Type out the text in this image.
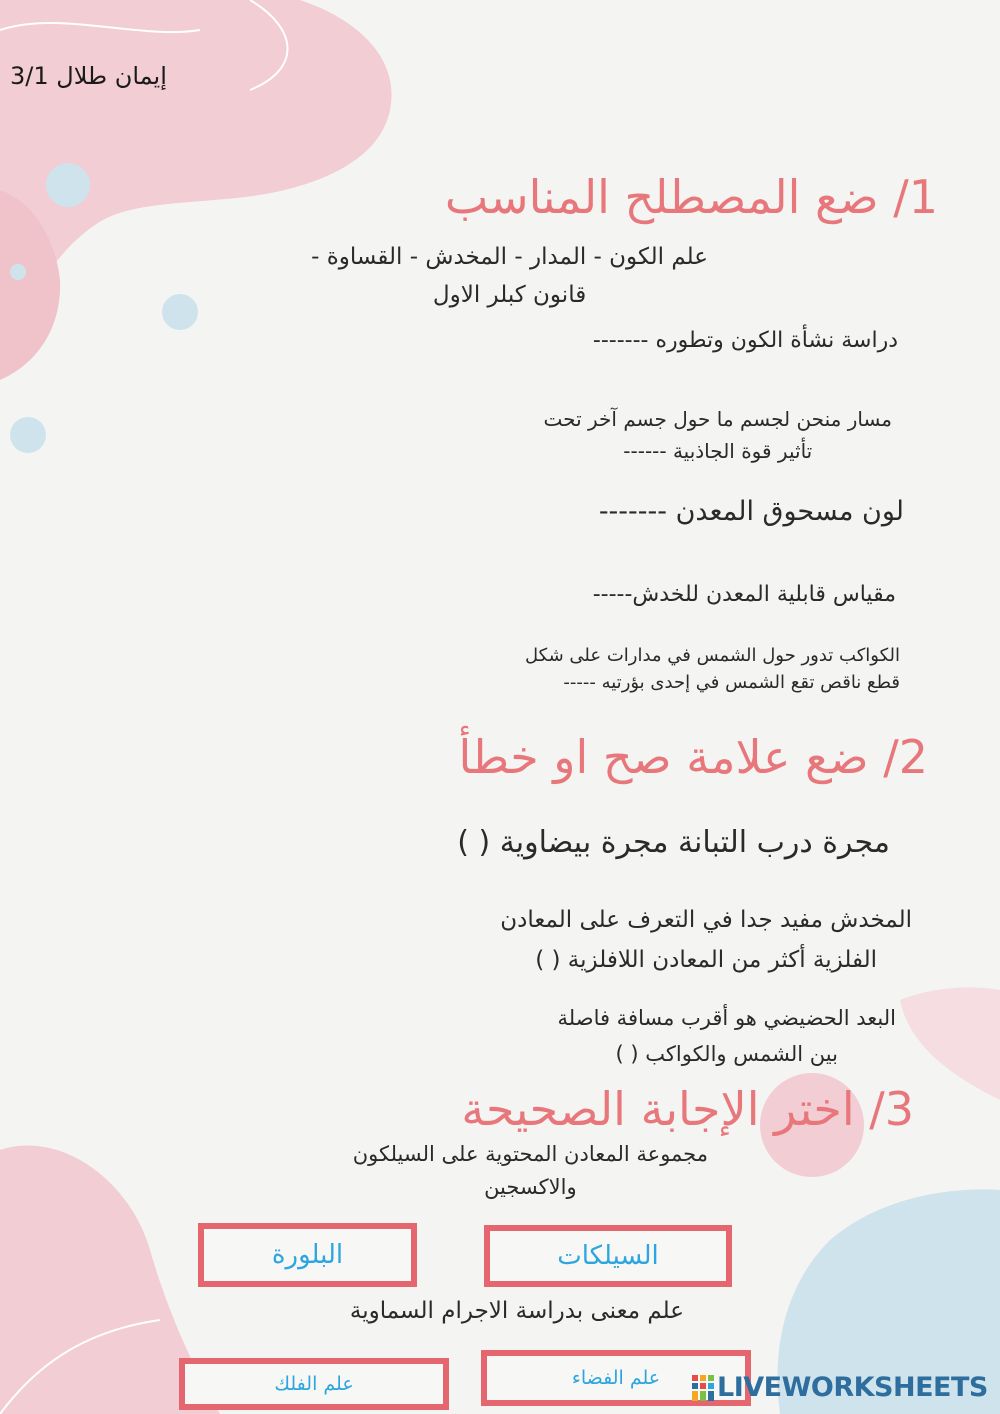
إيمان طلال 3/1
1/ ضع المصطلح المناسب
علم الكون - المدار - المخدش - القساوة -
قانون كبلر الاول
دراسة نشأة الكون وتطوره -------
مسار منحن لجسم ما حول جسم آخر تحت
تأثير قوة الجاذبية ------
لون مسحوق المعدن -------
مقياس قابلية المعدن للخدش-----
الكواكب تدور حول الشمس في مدارات على شكل
قطع ناقص تقع الشمس في إحدى بؤرتيه -----
2/ ضع علامة صح او خطأ
مجرة درب التبانة مجرة بيضاوية ( )
المخدش مفيد جدا في التعرف على المعادن
الفلزية أكثر من المعادن اللافلزية ( )
البعد الحضيضي هو أقرب مسافة فاصلة
بين الشمس والكواكب ( )
3/ اختر الإجابة الصحيحة
مجموعة المعادن المحتوية على السيلكون
والاكسجين
السيلكات
البلورة
علم معنى بدراسة الاجرام السماوية
علم الفضاء
علم الفلك	LIVEWORKSHEETS
